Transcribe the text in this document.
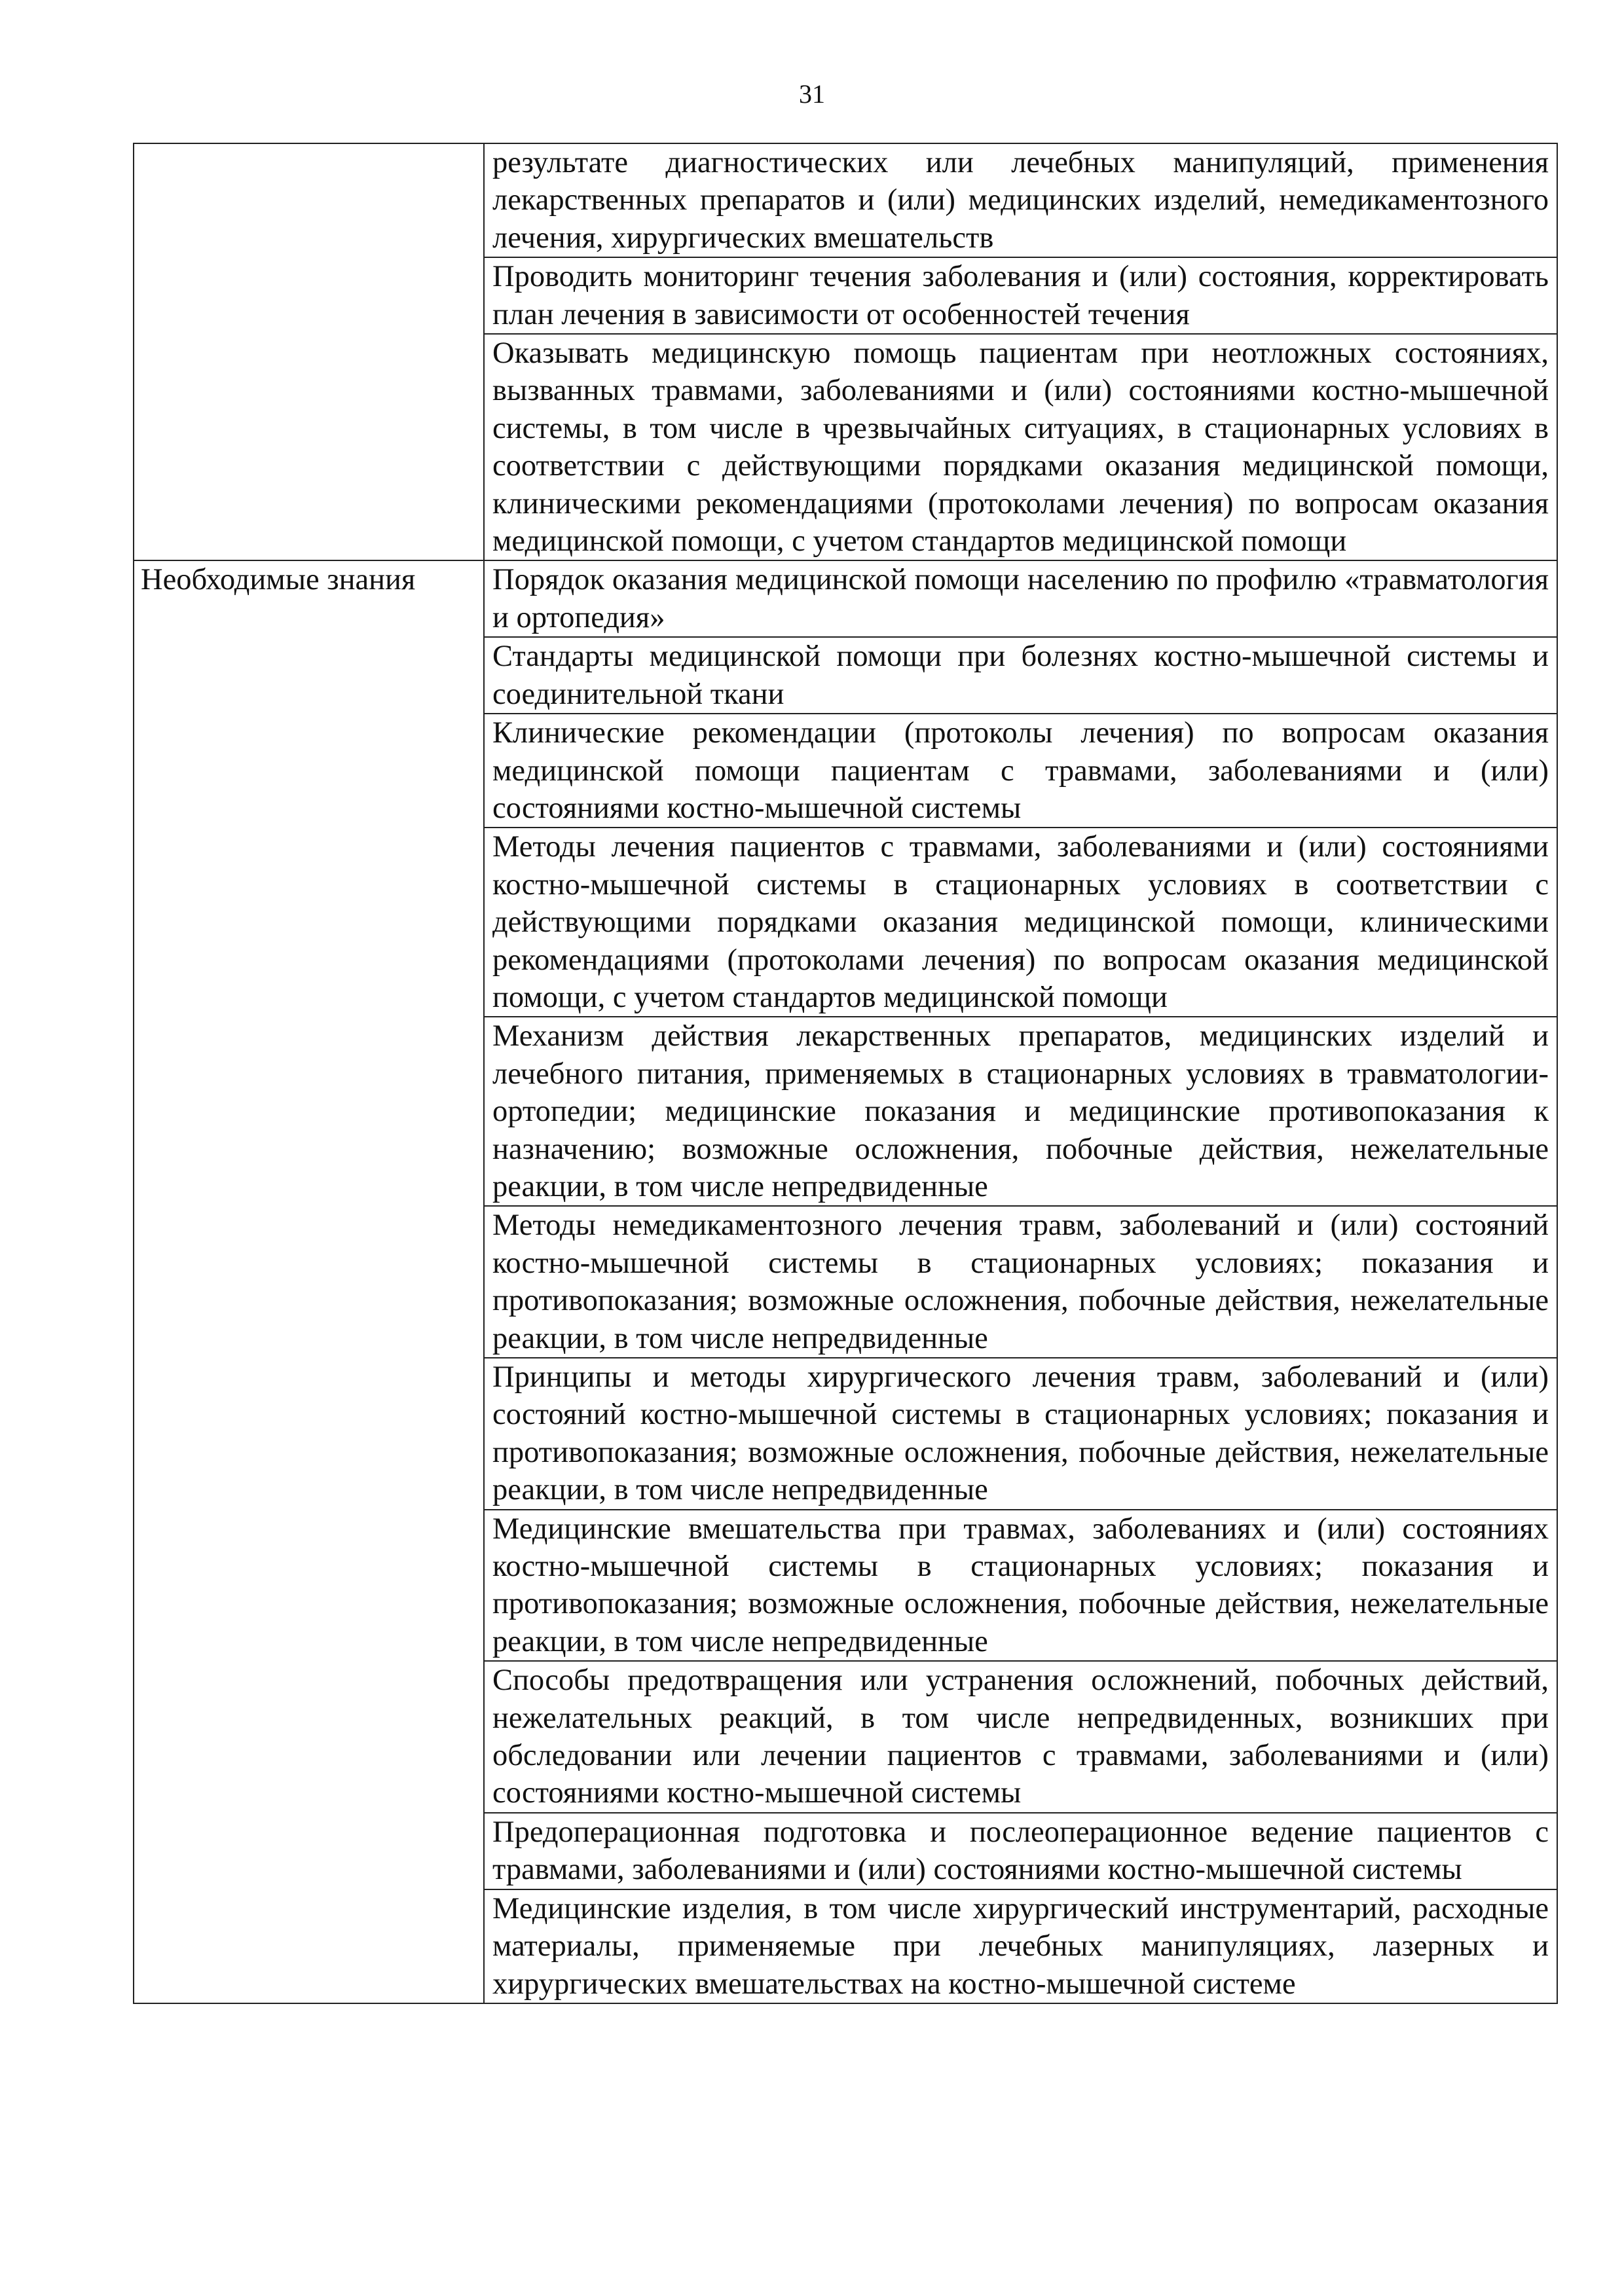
31
	результате диагностических или лечебных манипуляций, применения лекарственных препаратов и (или) медицинских изделий, немедикаментозного лечения, хирургических вмешательств
	Проводить мониторинг течения заболевания и (или) состояния, корректировать план лечения в зависимости от особенностей течения
	Оказывать медицинскую помощь пациентам при неотложных состояниях, вызванных травмами, заболеваниями и (или) состояниями костно-мышечной системы, в том числе в чрезвычайных ситуациях, в стационарных условиях в соответствии с действующими порядками оказания медицинской помощи, клиническими рекомендациями (протоколами лечения) по вопросам оказания медицинской помощи, с учетом стандартов медицинской помощи
Необходимые знания	Порядок оказания медицинской помощи населению по профилю «травматология и ортопедия»
	Стандарты медицинской помощи при болезнях костно-мышечной системы и соединительной ткани
	Клинические рекомендации (протоколы лечения) по вопросам оказания медицинской помощи пациентам с травмами, заболеваниями и (или) состояниями костно-мышечной системы
	Методы лечения пациентов с травмами, заболеваниями и (или) состояниями костно-мышечной системы в стационарных условиях в соответствии с действующими порядками оказания медицинской помощи, клиническими рекомендациями (протоколами лечения) по вопросам оказания медицинской помощи, с учетом стандартов медицинской помощи
	Механизм действия лекарственных препаратов, медицинских изделий и лечебного питания, применяемых в стационарных условиях в травматологии-ортопедии; медицинские показания и медицинские противопоказания к назначению; возможные осложнения, побочные действия, нежелательные реакции, в том числе непредвиденные
	Методы немедикаментозного лечения травм, заболеваний и (или) состояний костно-мышечной системы в стационарных условиях; показания и противопоказания; возможные осложнения, побочные действия, нежелательные реакции, в том числе непредвиденные
	Принципы и методы хирургического лечения травм, заболеваний и (или) состояний костно-мышечной системы в стационарных условиях; показания и противопоказания; возможные осложнения, побочные действия, нежелательные реакции, в том числе непредвиденные
	Медицинские вмешательства при травмах, заболеваниях и (или) состояниях костно-мышечной системы в стационарных условиях; показания и противопоказания; возможные осложнения, побочные действия, нежелательные реакции, в том числе непредвиденные
	Способы предотвращения или устранения осложнений, побочных действий, нежелательных реакций, в том числе непредвиденных, возникших при обследовании или лечении пациентов с травмами, заболеваниями и (или) состояниями костно-мышечной системы
	Предоперационная подготовка и послеоперационное ведение пациентов с травмами, заболеваниями и (или) состояниями костно-мышечной системы
	Медицинские изделия, в том числе хирургический инструментарий, расходные материалы, применяемые при лечебных манипуляциях, лазерных и хирургических вмешательствах на костно-мышечной системе
